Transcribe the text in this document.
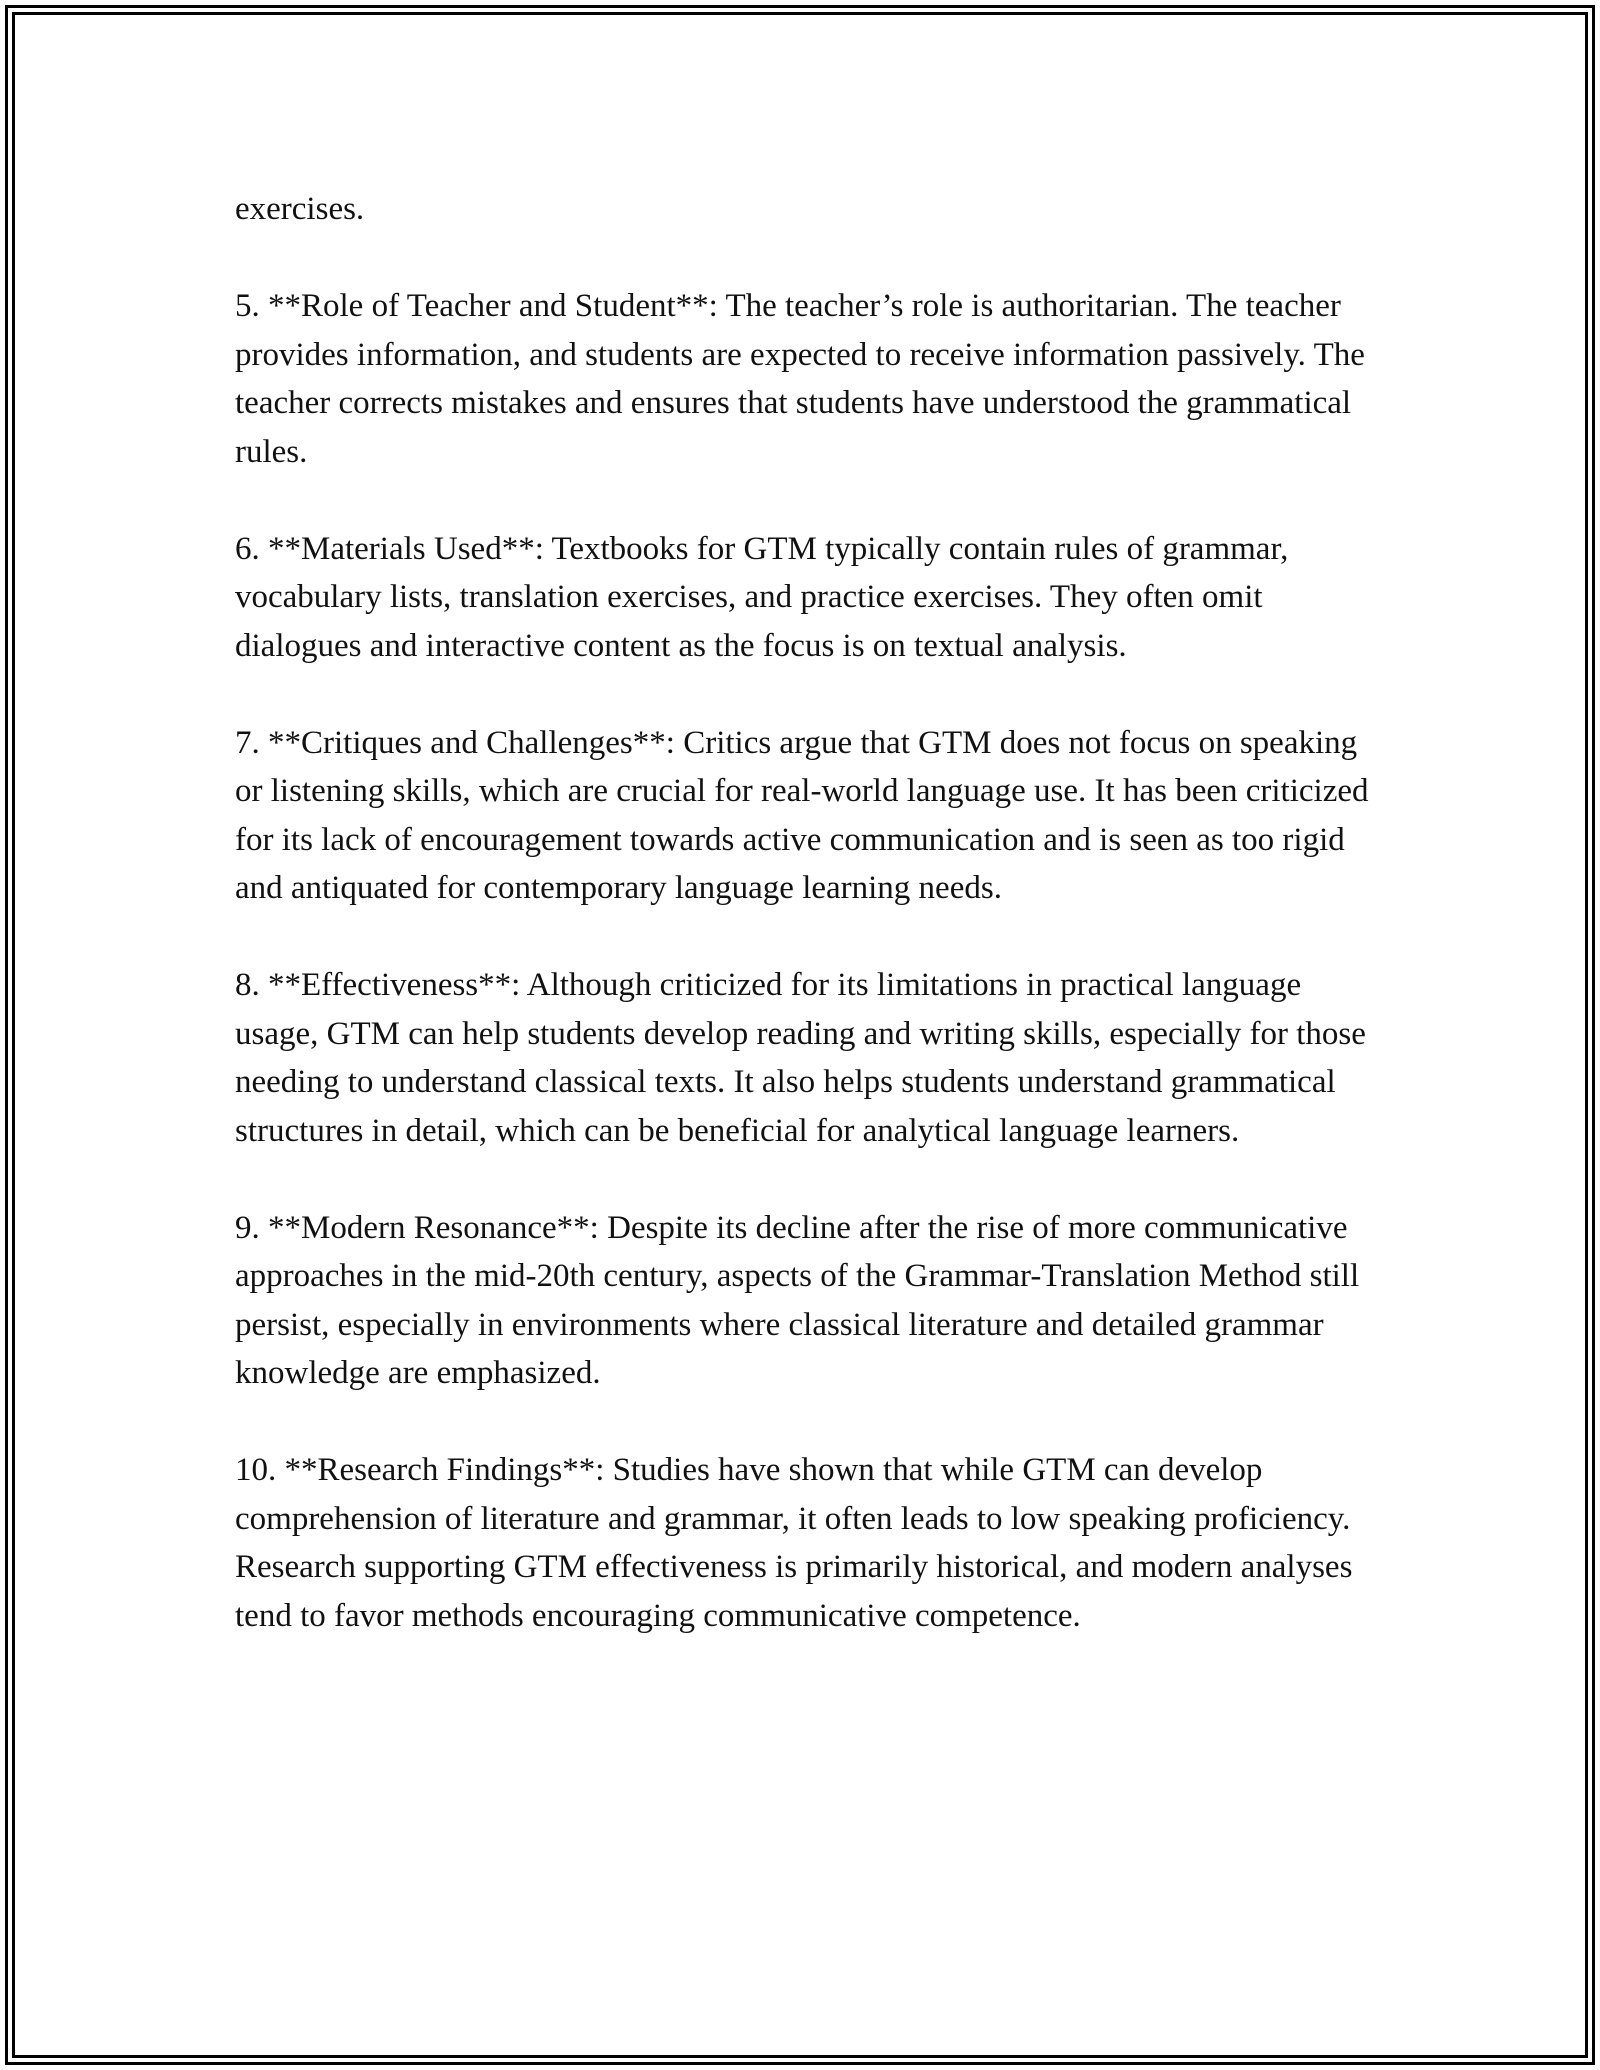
exercises.

5. **Role of Teacher and Student**: The teacher’s role is authoritarian. The teacher provides information, and students are expected to receive information passively. The teacher corrects mistakes and ensures that students have understood the grammatical rules.

6. **Materials Used**: Textbooks for GTM typically contain rules of grammar, vocabulary lists, translation exercises, and practice exercises. They often omit dialogues and interactive content as the focus is on textual analysis.

7. **Critiques and Challenges**: Critics argue that GTM does not focus on speaking or listening skills, which are crucial for real-world language use. It has been criticized for its lack of encouragement towards active communication and is seen as too rigid and antiquated for contemporary language learning needs.

8. **Effectiveness**: Although criticized for its limitations in practical language usage, GTM can help students develop reading and writing skills, especially for those needing to understand classical texts. It also helps students understand grammatical structures in detail, which can be beneficial for analytical language learners.

9. **Modern Resonance**: Despite its decline after the rise of more communicative approaches in the mid-20th century, aspects of the Grammar-Translation Method still persist, especially in environments where classical literature and detailed grammar knowledge are emphasized.

10. **Research Findings**: Studies have shown that while GTM can develop comprehension of literature and grammar, it often leads to low speaking proficiency. Research supporting GTM effectiveness is primarily historical, and modern analyses tend to favor methods encouraging communicative competence.
